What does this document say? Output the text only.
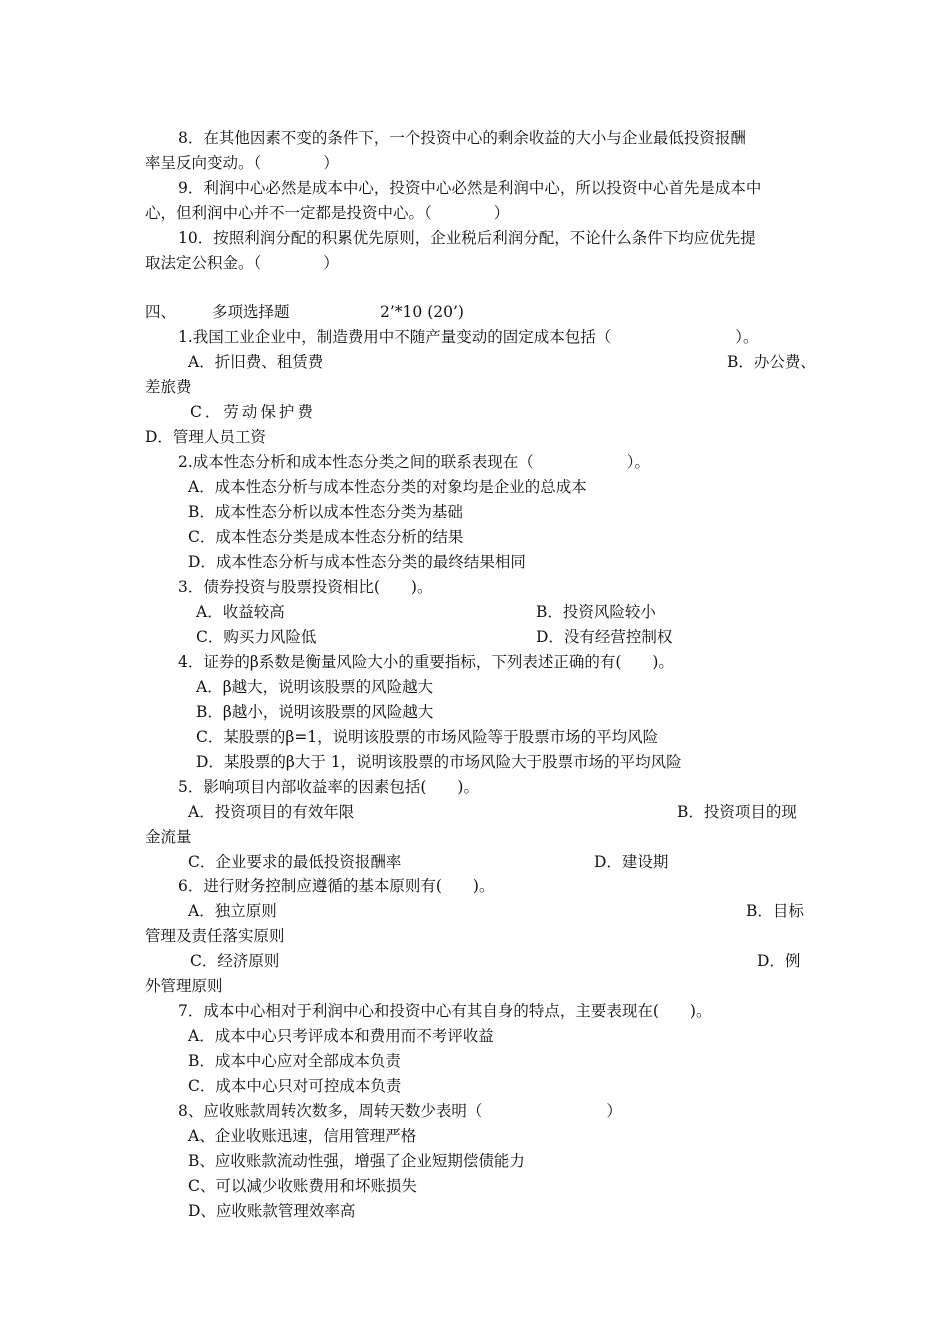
8．在其他因素不变的条件下，一个投资中心的剩余收益的大小与企业最低投资报酬
率呈反向变动。（　　　　）
9．利润中心必然是成本中心，投资中心必然是利润中心，所以投资中心首先是成本中
心，但利润中心并不一定都是投资中心。（　　　　）
10．按照利润分配的积累优先原则，企业税后利润分配，不论什么条件下均应优先提
取法定公积金。（　　　　）
四、 多项选择题	2’*10 (20’)
1.我国工业企业中，制造费用中不随产量变动的固定成本包括（　　　　　　　　）。
A．折旧费、租赁费	B．办公费、
差旅费
C．劳动保护费
D．管理人员工资
2.成本性态分析和成本性态分类之间的联系表现在（　　　　　　）。
A．成本性态分析与成本性态分类的对象均是企业的总成本
B．成本性态分析以成本性态分类为基础
C．成本性态分类是成本性态分析的结果
D．成本性态分析与成本性态分类的最终结果相同
3．债券投资与股票投资相比(　　)。
A．收益较高	B．投资风险较小
C．购买力风险低	D．没有经营控制权
4．证券的β系数是衡量风险大小的重要指标，下列表述正确的有(　　)。
A．β越大，说明该股票的风险越大
B．β越小，说明该股票的风险越大
C．某股票的β=1，说明该股票的市场风险等于股票市场的平均风险
D．某股票的β大于 1，说明该股票的市场风险大于股票市场的平均风险
5．影响项目内部收益率的因素包括(　　)。
A．投资项目的有效年限	B．投资项目的现
金流量
C．企业要求的最低投资报酬率	D．建设期
6．进行财务控制应遵循的基本原则有(　　)。
A．独立原则	B．目标
管理及责任落实原则
C．经济原则	D．例
外管理原则
7．成本中心相对于利润中心和投资中心有其自身的特点，主要表现在(　　)。
A．成本中心只考评成本和费用而不考评收益
B．成本中心应对全部成本负责
C．成本中心只对可控成本负责
8、应收账款周转次数多，周转天数少表明（　　　　　　　　）
A、企业收账迅速，信用管理严格
B、应收账款流动性强，增强了企业短期偿债能力
C、可以减少收账费用和坏账损失
D、应收账款管理效率高
